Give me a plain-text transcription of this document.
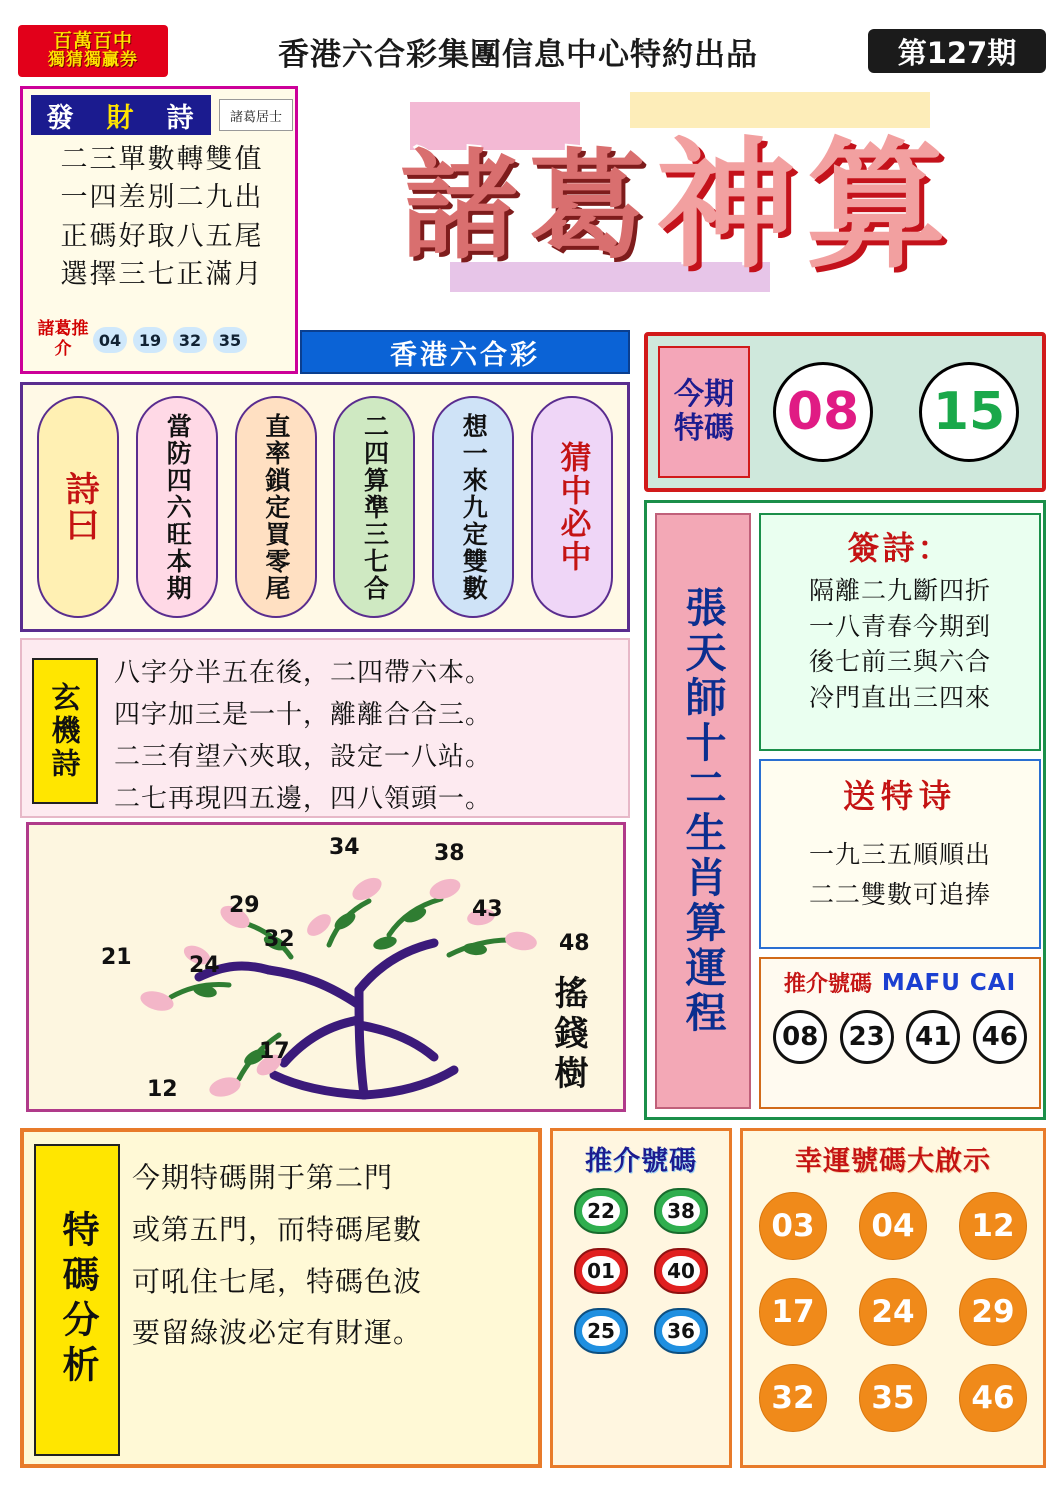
百萬百中
獨猜獨贏券	香港六合彩集團信息中心特約出品	第127期
發 財 詩	諸葛居士
二三單數轉雙值
一四差別二九出
正碼好取八五尾
選擇三七正滿月
諸葛推介	04	19	32	35
諸 葛 神 算
香港六合彩
今期
特碼 08 15
詩曰	當防四六旺本期	直率鎖定買零尾	二四算準三七合	想一來九定雙數	猜中必中
玄機詩
八字分半五在後，二四帶六本。
四字加三是一十，離離合合三。
二三有望六夾取，設定一八站。
二七再現四五邊，四八領頭一。
34	38
29	43
32	48
21	24
17
12	搖錢樹	張天師十二生肖算運程
簽詩：
隔離二九斷四折
一八青春今期到
後七前三與六合
冷門直出三四來
送特诗
一九三五順順出
二二雙數可追捧
推介號碼 MAFU CAI
08	23	41	46
特碼分析
今期特碼開于第二門
或第五門，而特碼尾數
可吼住七尾，特碼色波
要留綠波必定有財運。
推介號碼
22	38
01	40
25	36
幸運號碼大啟示
03	04	12
17	24	29
32	35	46
